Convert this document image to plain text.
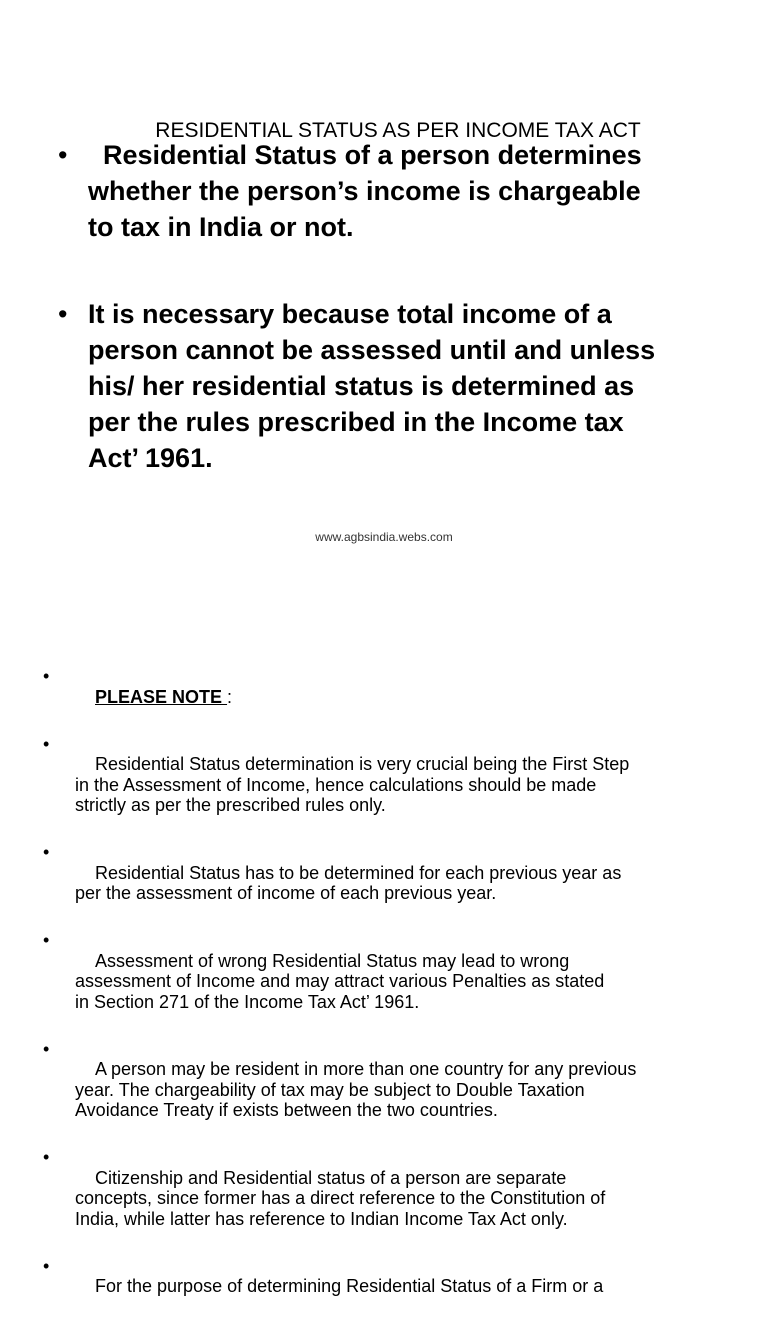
RESIDENTIAL STATUS AS PER INCOME TAX ACT
•	Residential Status of a person determines
whether the person’s income is chargeable
to tax in India or not.
• It is necessary because total income of a
person cannot be assessed until and unless
his/ her residential status is determined as
per the rules prescribed in the Income tax
Act’ 1961.
www.agbsindia.webs.com

•
PLEASE NOTE :

•
Residential Status determination is very crucial being the First Step
in the Assessment of Income, hence calculations should be made
strictly as per the prescribed rules only.

•
Residential Status has to be determined for each previous year as
per the assessment of income of each previous year.

•
Assessment of wrong Residential Status may lead to wrong
assessment of Income and may attract various Penalties as stated
in Section 271 of the Income Tax Act’ 1961.

•
A person may be resident in more than one country for any previous
year. The chargeability of tax may be subject to Double Taxation
Avoidance Treaty if exists between the two countries.

•
Citizenship and Residential status of a person are separate
concepts, since former has a direct reference to the Constitution of
India, while latter has reference to Indian Income Tax Act only.

•
For the purpose of determining Residential Status of a Firm or a
